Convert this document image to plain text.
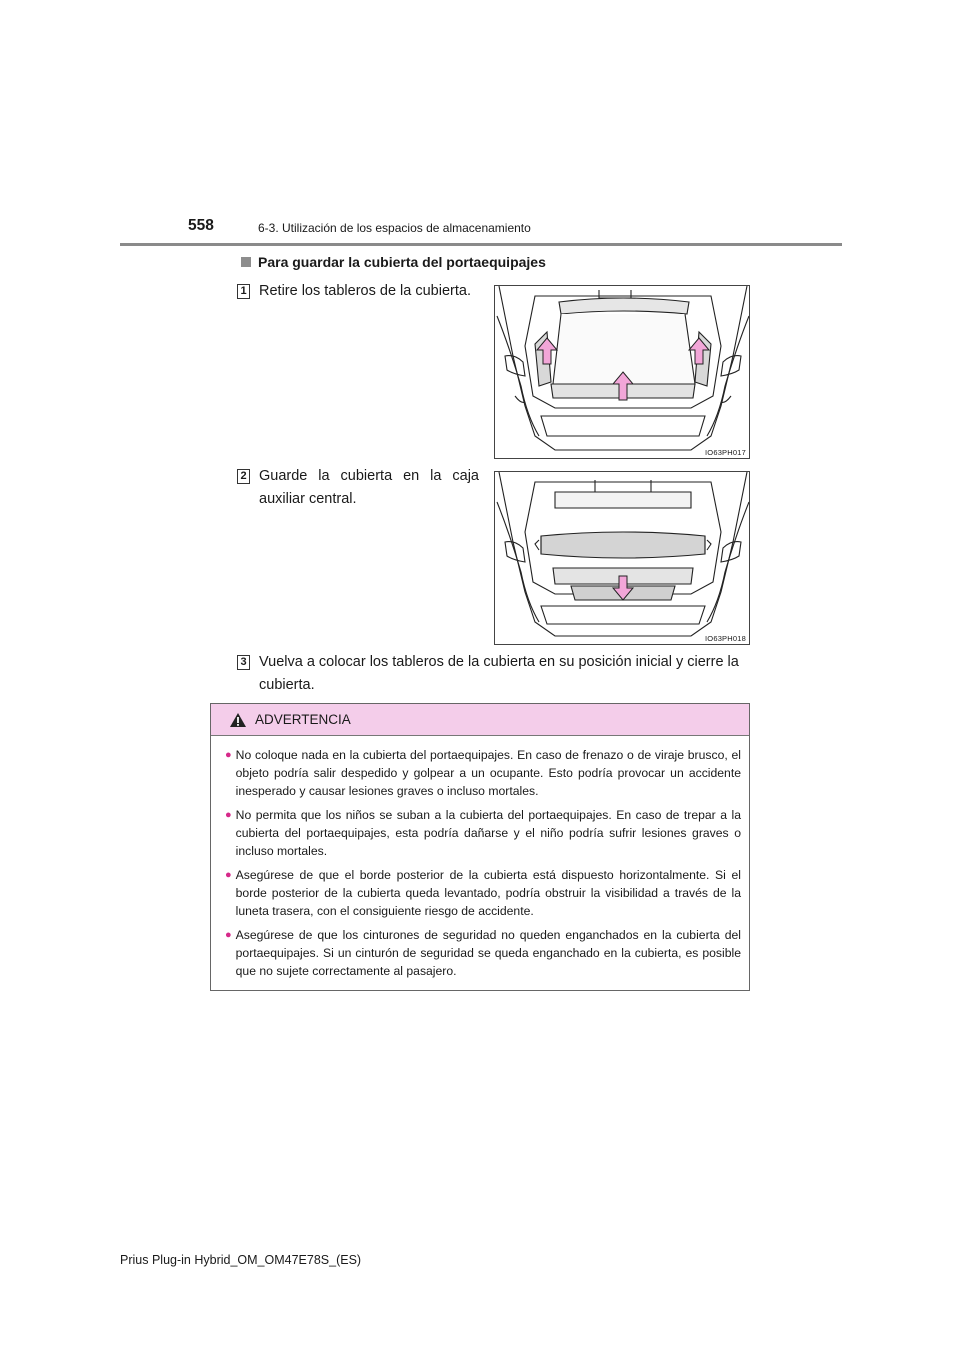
558	6-3. Utilización de los espacios de almacenamiento
Para guardar la cubierta del portaequipajes
1 Retire los tableros de la cubierta.
IO63PH017
2 Guarde la cubierta en la caja auxiliar central.
IO63PH018
3 Vuelva a colocar los tableros de la cubierta en su posición inicial y cierre la cubierta.
ADVERTENCIA
● No coloque nada en la cubierta del portaequipajes. En caso de frenazo o de viraje brusco, el objeto podría salir despedido y golpear a un ocupante. Esto podría provocar un accidente inesperado y causar lesiones graves o incluso mortales.
● No permita que los niños se suban a la cubierta del portaequipajes. En caso de trepar a la cubierta del portaequipajes, esta podría dañarse y el niño podría sufrir lesiones graves o incluso mortales.
● Asegúrese de que el borde posterior de la cubierta está dispuesto horizontalmente. Si el borde posterior de la cubierta queda levantado, podría obstruir la visibilidad a través de la luneta trasera, con el consiguiente riesgo de accidente.
● Asegúrese de que los cinturones de seguridad no queden enganchados en la cubierta del portaequipajes. Si un cinturón de seguridad se queda enganchado en la cubierta, es posible que no sujete correctamente al pasajero.
Prius Plug-in Hybrid_OM_OM47E78S_(ES)
